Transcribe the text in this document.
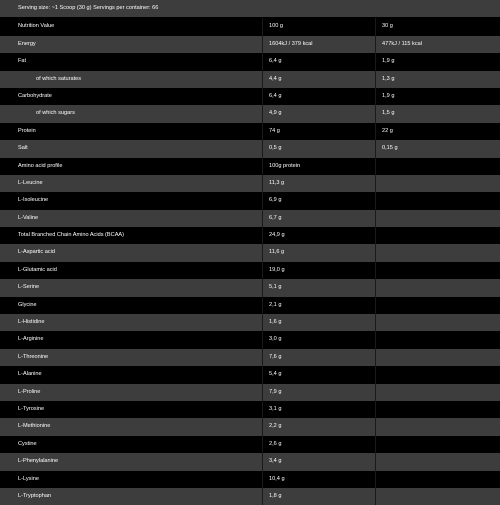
Serving size: ~1 Scoop (30 g) Servings per container: 66
Nutrition Value	100 g	30 g
Energy	1604kJ / 379 kcal	477kJ / 115 kcal
Fat	6,4 g	1,9 g
of which saturates	4,4 g	1,3 g
Carbohydrate	6,4 g	1,9 g
of which sugars	4,9 g	1,5 g
Protein	74 g	22 g
Salt	0,5 g	0,15 g
Amino acid profile	100g protein
L-Leucine	11,3 g
L-Isoleucine	6,9 g
L-Valine	6,7 g
Total Branched Chain Amino Acids (BCAA)	24,9 g
L-Aspartic acid	11,6 g
L-Glutamic acid	19,0 g
L-Serine	5,1 g
Glycine	2,1 g
L-Histidine	1,6 g
L-Arginine	3,0 g
L-Threonine	7,6 g
L-Alanine	5,4 g
L-Proline	7,9 g
L-Tyrosine	3,1 g
L-Methionine	2,2 g
Cystine	2,6 g
L-Phenylalanine	3,4 g
L-Lysine	10,4 g
L-Tryptophan	1,8 g
